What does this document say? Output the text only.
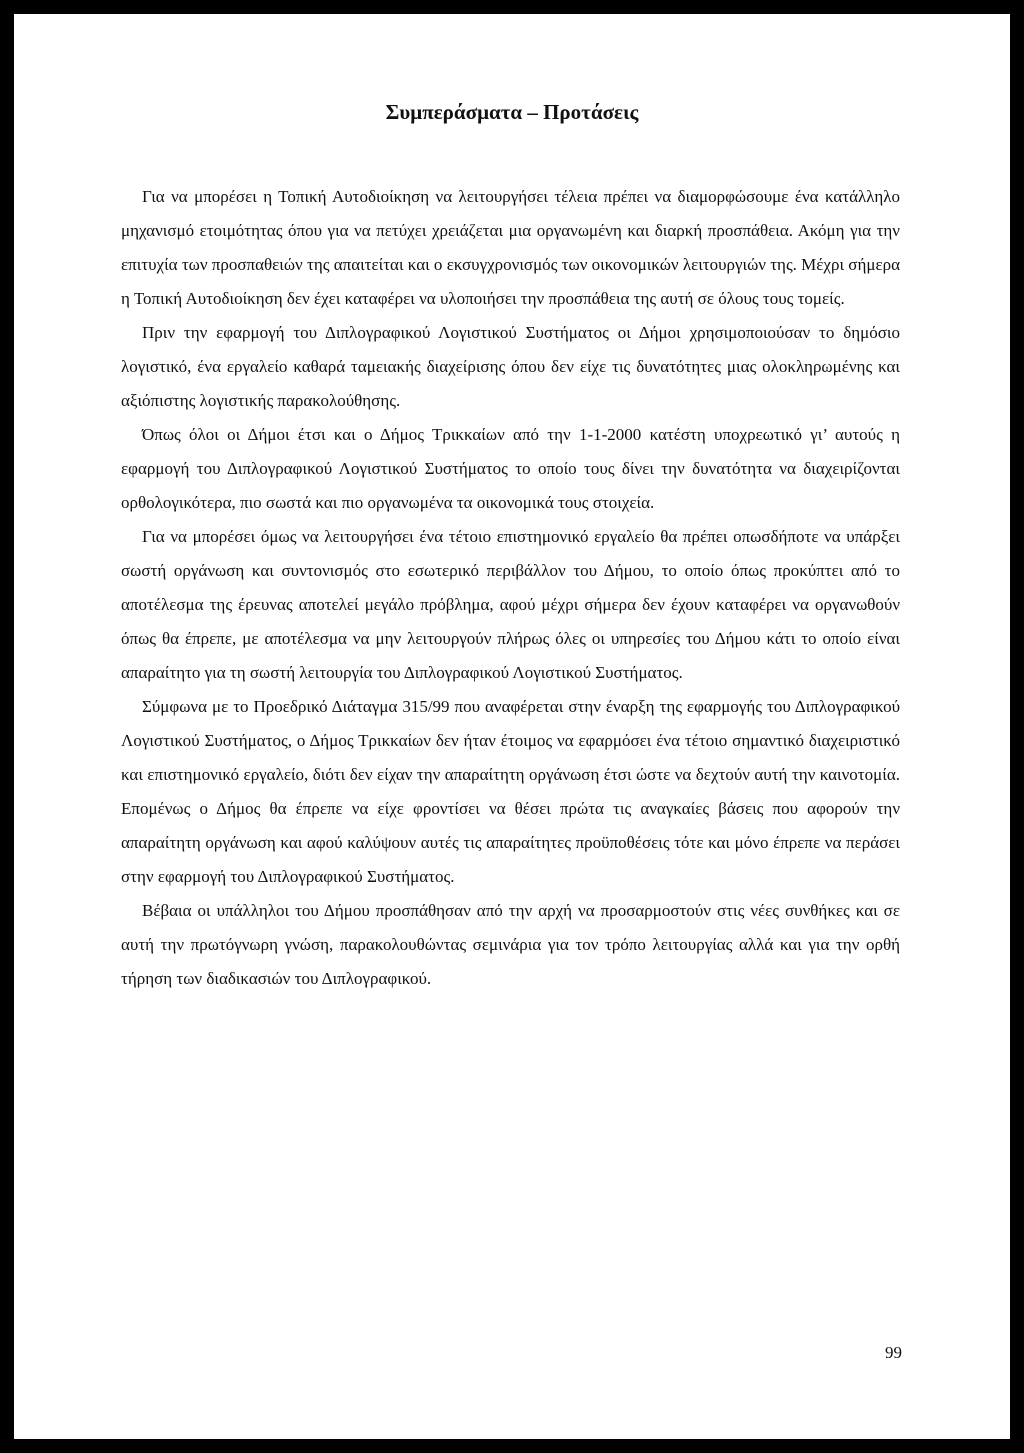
Συμπεράσματα – Προτάσεις

Για να μπορέσει η Τοπική Αυτοδιοίκηση να λειτουργήσει τέλεια πρέπει να διαμορφώσουμε ένα κατάλληλο μηχανισμό ετοιμότητας όπου για να πετύχει χρειάζεται μια οργανωμένη και διαρκή προσπάθεια. Ακόμη για την επιτυχία των προσπαθειών της απαιτείται και ο εκσυγχρονισμός των οικονομικών λειτουργιών της. Μέχρι σήμερα η Τοπική Αυτοδιοίκηση δεν έχει καταφέρει να υλοποιήσει την προσπάθεια της αυτή σε όλους τους τομείς.

Πριν την εφαρμογή του Διπλογραφικού Λογιστικού Συστήματος οι Δήμοι χρησιμοποιούσαν το δημόσιο λογιστικό, ένα εργαλείο καθαρά ταμειακής διαχείρισης όπου δεν είχε τις δυνατότητες μιας ολοκληρωμένης και αξιόπιστης λογιστικής παρακολούθησης.

Όπως όλοι οι Δήμοι έτσι και ο Δήμος Τρικκαίων από την 1-1-2000 κατέστη υποχρεωτικό γι’ αυτούς η εφαρμογή του Διπλογραφικού Λογιστικού Συστήματος το οποίο τους δίνει την δυνατότητα να διαχειρίζονται ορθολογικότερα, πιο σωστά και πιο οργανωμένα τα οικονομικά τους στοιχεία.

Για να μπορέσει όμως να λειτουργήσει ένα τέτοιο επιστημονικό εργαλείο θα πρέπει οπωσδήποτε να υπάρξει σωστή οργάνωση και συντονισμός στο εσωτερικό περιβάλλον του Δήμου, το οποίο όπως προκύπτει από το αποτέλεσμα της έρευνας αποτελεί μεγάλο πρόβλημα, αφού μέχρι σήμερα δεν έχουν καταφέρει να οργανωθούν όπως θα έπρεπε, με αποτέλεσμα να μην λειτουργούν πλήρως όλες οι υπηρεσίες του Δήμου κάτι το οποίο είναι απαραίτητο για τη σωστή λειτουργία του Διπλογραφικού Λογιστικού Συστήματος.

Σύμφωνα με το Προεδρικό Διάταγμα 315/99 που αναφέρεται στην έναρξη της εφαρμογής του Διπλογραφικού Λογιστικού Συστήματος, ο Δήμος Τρικκαίων δεν ήταν έτοιμος να εφαρμόσει ένα τέτοιο σημαντικό διαχειριστικό και επιστημονικό εργαλείο, διότι δεν είχαν την απαραίτητη οργάνωση έτσι ώστε να δεχτούν αυτή την καινοτομία. Επομένως ο Δήμος θα έπρεπε να είχε φροντίσει να θέσει πρώτα τις αναγκαίες βάσεις που αφορούν την απαραίτητη οργάνωση και αφού καλύψουν αυτές τις απαραίτητες προϋποθέσεις τότε και μόνο έπρεπε να περάσει στην εφαρμογή του Διπλογραφικού Συστήματος.

Βέβαια οι υπάλληλοι του Δήμου προσπάθησαν από την αρχή να προσαρμοστούν στις νέες συνθήκες και σε αυτή την πρωτόγνωρη γνώση, παρακολουθώντας σεμινάρια για τον τρόπο λειτουργίας αλλά και για την ορθή τήρηση των διαδικασιών του Διπλογραφικού.

99
